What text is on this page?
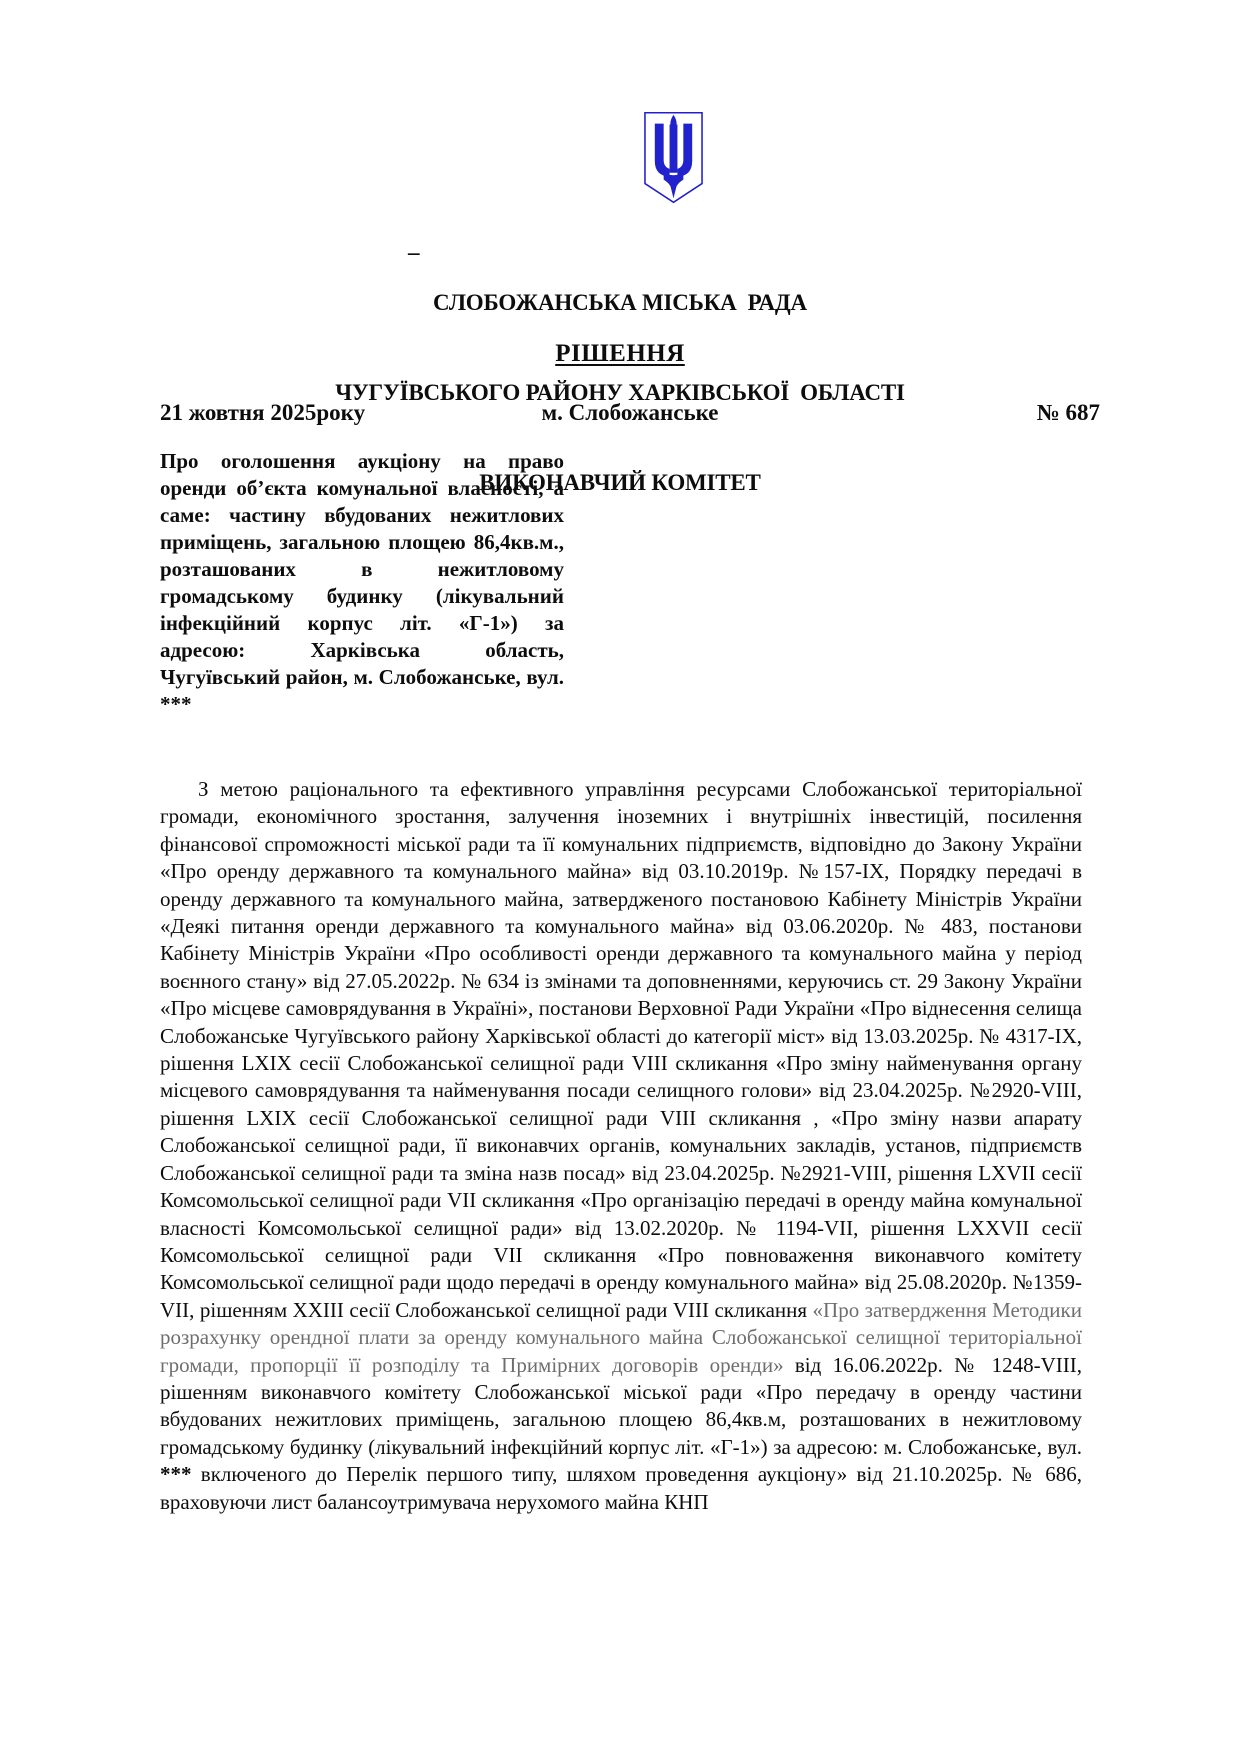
_

СЛОБОЖАНСЬКА МІСЬКА  РАДА

ЧУГУЇВСЬКОГО РАЙОНУ ХАРКІВСЬКОЇ  ОБЛАСТІ

ВИКОНАВЧИЙ КОМІТЕТ

РІШЕННЯ
21 жовтня 2025року	м. Слобожанське	№ 687
Про оголошення аукціону на право оренди об’єкта комунальної власності, а саме: частину вбудованих нежитлових приміщень, загальною площею 86,4кв.м., розташованих в нежитловому громадському будинку (лікувальний інфекційний корпус літ. «Г-1») за адресою: Харківська область, Чугуївський район, м. Слобожанське, вул. ***
З метою раціонального та ефективного управління ресурсами Слобожанської територіальної громади, економічного зростання, залучення іноземних і внутрішніх інвестицій, посилення фінансової спроможності міської ради та її комунальних підприємств, відповідно до Закону України «Про оренду державного та комунального майна» від 03.10.2019р. №157-IX, Порядку передачі в оренду державного та комунального майна, затвердженого постановою Кабінету Міністрів України «Деякі питання оренди державного та комунального майна» від 03.06.2020р. № 483, постанови Кабінету Міністрів України «Про особливості оренди державного та комунального майна у період воєнного стану» від 27.05.2022р. № 634 із змінами та доповненнями, керуючись ст. 29 Закону України «Про місцеве самоврядування в Україні», постанови Верховної Ради України «Про віднесення селища Слобожанське Чугуївського району Харківської області до категорії міст» від 13.03.2025р. № 4317-IX, рішення LXIX сесії Слобожанської селищної ради VIII скликання «Про зміну найменування органу місцевого самоврядування та найменування посади селищного голови» від 23.04.2025р. №2920-VIII, рішення LXIX сесії Слобожанської селищної ради VIII скликання , «Про зміну назви апарату Слобожанської селищної ради, її виконавчих органів, комунальних закладів, установ, підприємств Слобожанської селищної ради та зміна назв посад» від 23.04.2025р. №2921-VIII, рішення LXVII сесії Комсомольської селищної ради VII скликання «Про організацію передачі в оренду майна комунальної власності Комсомольської селищної ради» від 13.02.2020р. № 1194-VII, рішення LXXVII сесії Комсомольської селищної ради VII скликання «Про повноваження виконавчого комітету Комсомольської селищної ради щодо передачі в оренду комунального майна» від 25.08.2020р. №1359-VII, рішенням XXIII сесії Слобожанської селищної ради VIII скликання «Про затвердження Методики розрахунку орендної плати за оренду комунального майна Слобожанської селищної територіальної громади, пропорції її розподілу та Примірних договорів оренди» від 16.06.2022р. № 1248-VIII, рішенням виконавчого комітету Слобожанської міської ради «Про передачу в оренду частини вбудованих нежитлових приміщень, загальною площею 86,4кв.м, розташованих в нежитловому громадському будинку (лікувальний інфекційний корпус літ. «Г-1») за адресою: м. Слобожанське, вул. *** включеного до Перелік першого типу, шляхом проведення аукціону» від 21.10.2025р. № 686, враховуючи лист балансоутримувача нерухомого майна КНП
